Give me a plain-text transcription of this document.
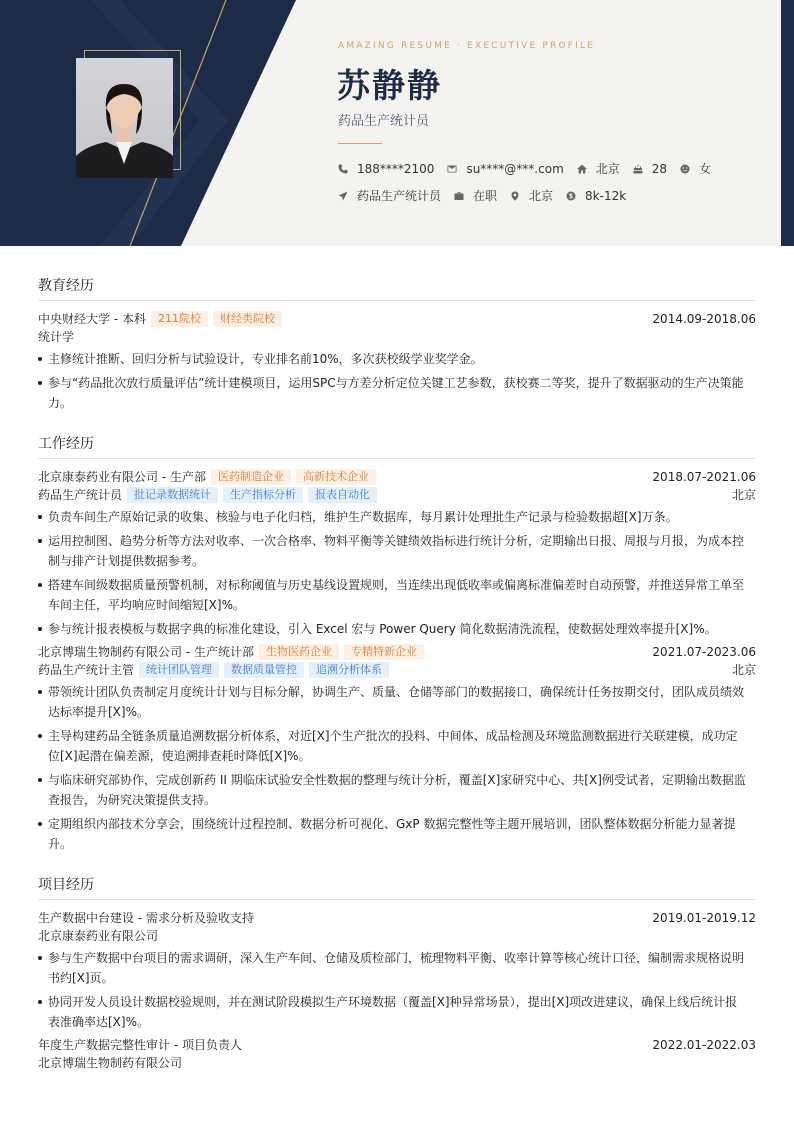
AMAZING RESUME · EXECUTIVE PROFILE
苏静静
药品生产统计员
188****2100	su****@***.com	北京	28	女
药品生产统计员	在职	北京	8k-12k
教育经历
中央财经大学 - 本科	211院校	财经类院校	2014.09-2018.06
统计学
主修统计推断、回归分析与试验设计，专业排名前10%，多次获校级学业奖学金。
参与“药品批次放行质量评估”统计建模项目，运用SPC与方差分析定位关键工艺参数，获校赛二等奖，提升了数据驱动的生产决策能力。
工作经历
北京康泰药业有限公司 - 生产部	医药制造企业	高新技术企业	2018.07-2021.06
药品生产统计员	批记录数据统计	生产指标分析	报表自动化	北京
负责车间生产原始记录的收集、核验与电子化归档，维护生产数据库，每月累计处理批生产记录与检验数据超[X]万条。
运用控制图、趋势分析等方法对收率、一次合格率、物料平衡等关键绩效指标进行统计分析，定期输出日报、周报与月报，为成本控制与排产计划提供数据参考。
搭建车间级数据质量预警机制，对标称阈值与历史基线设置规则，当连续出现低收率或偏离标准偏差时自动预警，并推送异常工单至车间主任，平均响应时间缩短[X]%。
参与统计报表模板与数据字典的标准化建设，引入 Excel 宏与 Power Query 简化数据清洗流程，使数据处理效率提升[X]%。
北京博瑞生物制药有限公司 - 生产统计部	生物医药企业	专精特新企业	2021.07-2023.06
药品生产统计主管	统计团队管理	数据质量管控	追溯分析体系	北京
带领统计团队负责制定月度统计计划与目标分解，协调生产、质量、仓储等部门的数据接口，确保统计任务按期交付，团队成员绩效达标率提升[X]%。
主导构建药品全链条质量追溯数据分析体系，对近[X]个生产批次的投料、中间体、成品检测及环境监测数据进行关联建模，成功定位[X]起潜在偏差源，使追溯排查耗时降低[X]%。
与临床研究部协作，完成创新药 II 期临床试验安全性数据的整理与统计分析，覆盖[X]家研究中心、共[X]例受试者，定期输出数据监查报告，为研究决策提供支持。
定期组织内部技术分享会，围绕统计过程控制、数据分析可视化、GxP 数据完整性等主题开展培训，团队整体数据分析能力显著提升。
项目经历
生产数据中台建设 - 需求分析及验收支持	2019.01-2019.12
北京康泰药业有限公司
参与生产数据中台项目的需求调研，深入生产车间、仓储及质检部门，梳理物料平衡、收率计算等核心统计口径，编制需求规格说明书约[X]页。
协同开发人员设计数据校验规则，并在测试阶段模拟生产环境数据（覆盖[X]种异常场景），提出[X]项改进建议，确保上线后统计报表准确率达[X]%。
年度生产数据完整性审计 - 项目负责人	2022.01-2022.03
北京博瑞生物制药有限公司
